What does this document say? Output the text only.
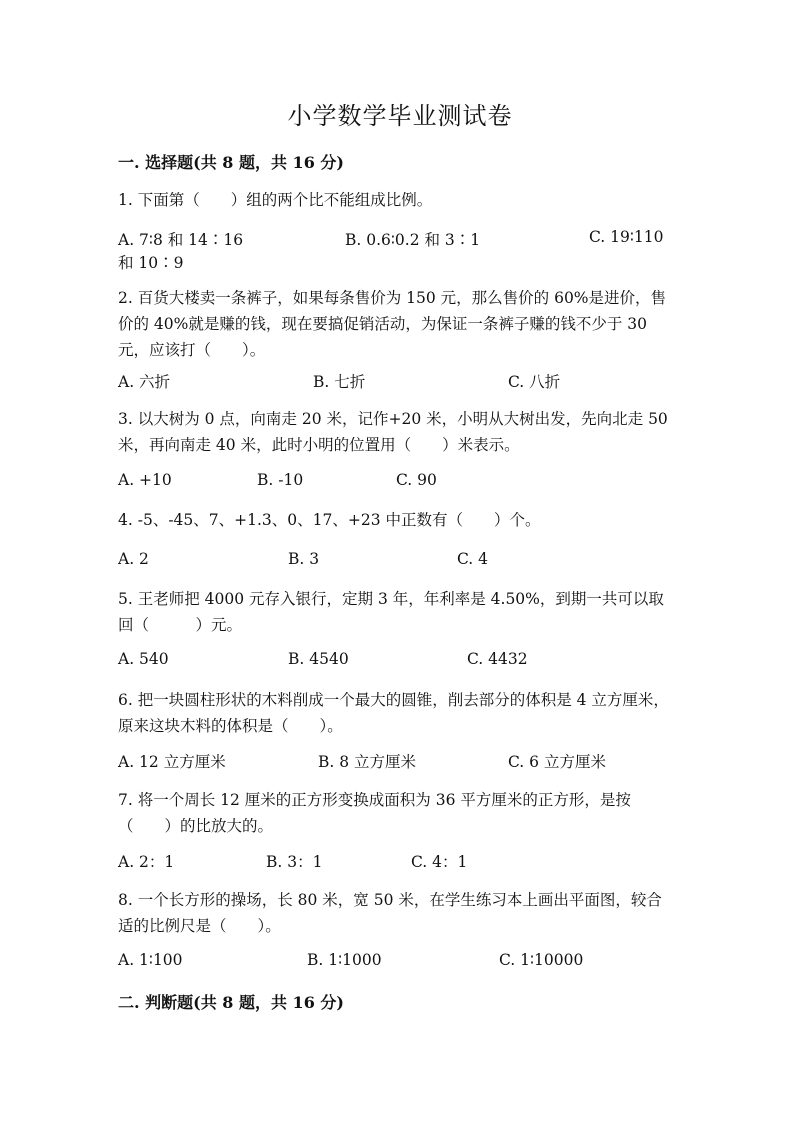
小学数学毕业测试卷
一. 选择题(共 8 题，共 16 分)
1. 下面第（　　）组的两个比不能组成比例。
A. 7∶8 和 14∶16	B. 0.6∶0.2 和 3∶1	C. 19∶110
和 10∶9
2. 百货大楼卖一条裤子，如果每条售价为 150 元，那么售价的 60%是进价，售价的 40%就是赚的钱，现在要搞促销活动，为保证一条裤子赚的钱不少于 30 元，应该打（　　）。
A. 六折	B. 七折	C. 八折
3. 以大树为 0 点，向南走 20 米，记作+20 米，小明从大树出发，先向北走 50 米，再向南走 40 米，此时小明的位置用（　　）米表示。
A. +10	B. -10	C. 90
4. -5、-45、7、+1.3、0、17、+23 中正数有（　　）个。
A. 2	B. 3	C. 4
5. 王老师把 4000 元存入银行，定期 3 年，年利率是 4.50%，到期一共可以取回（　　　）元。
A. 540	B. 4540	C. 4432
6. 把一块圆柱形状的木料削成一个最大的圆锥，削去部分的体积是 4 立方厘米，原来这块木料的体积是（　　）。
A. 12 立方厘米	B. 8 立方厘米	C. 6 立方厘米
7. 将一个周长 12 厘米的正方形变换成面积为 36 平方厘米的正方形，是按（　　）的比放大的。
A. 2：1	B. 3：1	C. 4：1
8. 一个长方形的操场，长 80 米，宽 50 米，在学生练习本上画出平面图，较合适的比例尺是（　　）。
A. 1∶100	B. 1∶1000	C. 1∶10000
二. 判断题(共 8 题，共 16 分)
